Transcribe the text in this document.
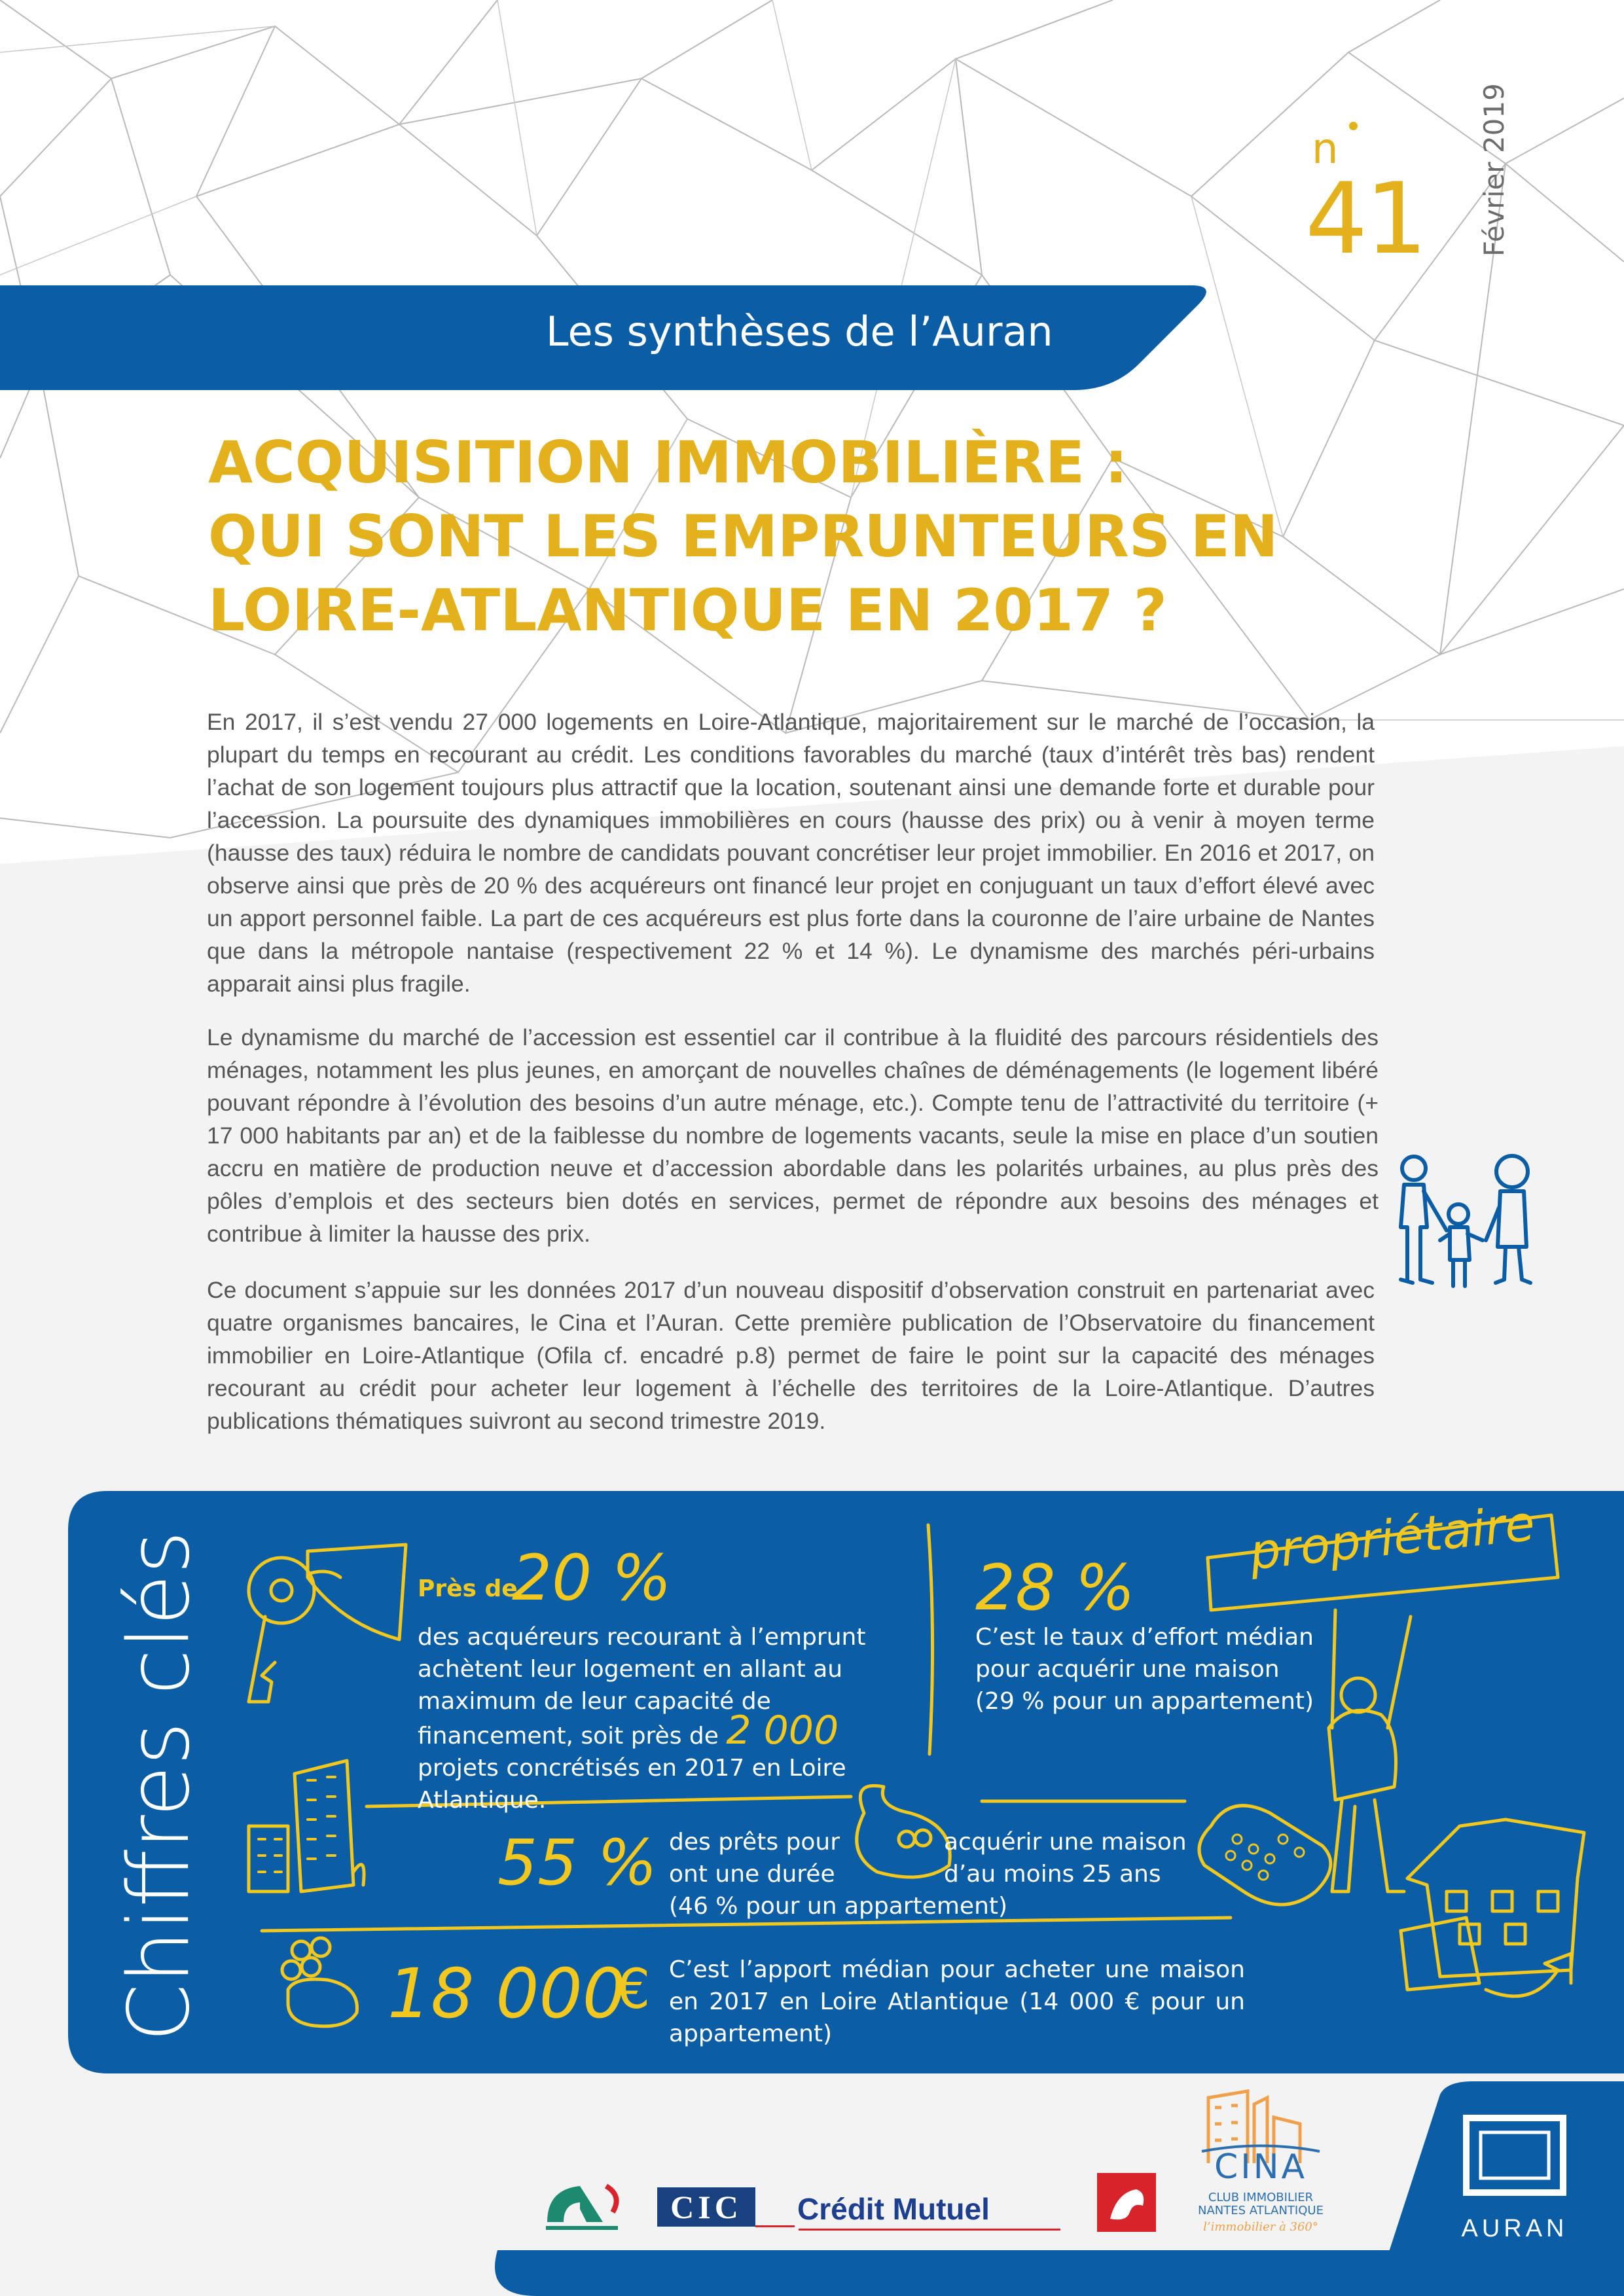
n
41 Février 2019
Les synthèses de l’Auran
ACQUISITION IMMOBILIÈRE :
QUI SONT LES EMPRUNTEURS EN
LOIRE-ATLANTIQUE EN 2017 ?

En 2017, il s’est vendu 27 000 logements en Loire-Atlantique, majoritairement sur le marché de l’occasion, la plupart du temps en recourant au crédit. Les conditions favorables du marché (taux d’intérêt très bas) rendent l’achat de son logement toujours plus attractif que la location, soutenant ainsi une demande forte et durable pour l’accession. La poursuite des dynamiques immobilières en cours (hausse des prix) ou à venir à moyen terme (hausse des taux) réduira le nombre de candidats pouvant concrétiser leur projet immobilier. En 2016 et 2017, on observe ainsi que près de 20 % des acquéreurs ont financé leur projet en conjuguant un taux d’effort élevé avec un apport personnel faible. La part de ces acquéreurs est plus forte dans la couronne de l’aire urbaine de Nantes que dans la métropole nantaise (respectivement 22 % et 14 %). Le dynamisme des marchés péri-urbains apparait ainsi plus fragile.

Le dynamisme du marché de l’accession est essentiel car il contribue à la fluidité des parcours résidentiels des ménages, notamment les plus jeunes, en amorçant de nouvelles chaînes de déménagements (le logement libéré pouvant répondre à l’évolution des besoins d’un autre ménage, etc.). Compte tenu de l’attractivité du territoire (+ 17 000 habitants par an) et de la faiblesse du nombre de logements vacants, seule la mise en place d’un soutien accru en matière de production neuve et d’accession abordable dans les polarités urbaines, au plus près des pôles d’emplois et des secteurs bien dotés en services, permet de répondre aux besoins des ménages et contribue à limiter la hausse des prix.

Ce document s’appuie sur les données 2017 d’un nouveau dispositif d’observation construit en partenariat avec quatre organismes bancaires, le Cina et l’Auran. Cette première publication de l’Observatoire du financement immobilier en Loire-Atlantique (Ofila cf. encadré p.8) permet de faire le point sur la capacité des ménages recourant au crédit pour acheter leur logement à l’échelle des territoires de la Loire-Atlantique. D’autres publications thématiques suivront au second trimestre 2019.

Chiffres clés	Près de
20 %

des acquéreurs recourant à l’emprunt achètent leur logement en allant au maximum de leur capacité de financement, soit près de 2 000 projets concrétisés en 2017 en Loire Atlantique.

28 %

C’est le taux d’effort médian pour acquérir une maison (29 % pour un appartement)

55 % des prêts pour ont une durée

acquérir une maison d’au moins 25 ans

(46 % pour un appartement)

18 000
€ C’est l’apport médian pour acheter une maison en 2017 en Loire Atlantique (14 000 € pour un appartement)

propriétaire
CIC	Crédit Mutuel
CINA
CLUB IMMOBILIER
NANTES ATLANTIQUE
l’immobilier à 360°	AURAN
